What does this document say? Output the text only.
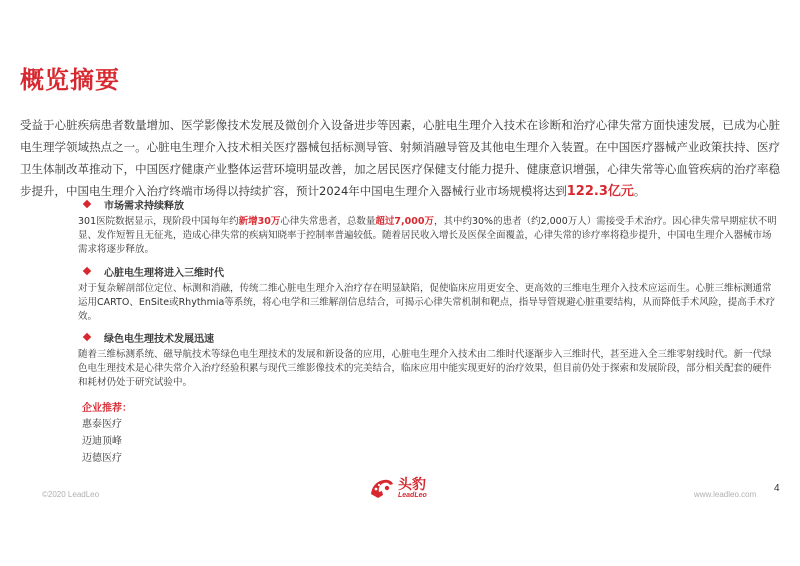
概览摘要
受益于心脏疾病患者数量增加、医学影像技术发展及微创介入设备进步等因素，心脏电生理介入技术在诊断和治疗心律失常方面快速发展，已成为心脏电生理学领域热点之一。心脏电生理介入技术相关医疗器械包括标测导管、射频消融导管及其他电生理介入装置。在中国医疗器械产业政策扶持、医疗卫生体制改革推动下，中国医疗健康产业整体运营环境明显改善，加之居民医疗保健支付能力提升、健康意识增强，心律失常等心血管疾病的治疗率稳步提升，中国电生理介入治疗终端市场得以持续扩容，预计2024年中国电生理介入器械行业市场规模将达到122.3亿元。
市场需求持续释放
301医院数据显示，现阶段中国每年约新增30万心律失常患者，总数量超过7,000万，其中约30%的患者（约2,000万人）需接受手术治疗。因心律失常早期症状不明显、发作短暂且无征兆，造成心律失常的疾病知晓率于控制率普遍较低。随着居民收入增长及医保全面覆盖，心律失常的诊疗率将稳步提升，中国电生理介入器械市场需求将逐步释放。
心脏电生理将进入三维时代
对于复杂解剖部位定位、标测和消融，传统二维心脏电生理介入治疗存在明显缺陷，促使临床应用更安全、更高效的三维电生理介入技术应运而生。心脏三维标测通常运用CARTO、EnSite或Rhythmia等系统，将心电学和三维解剖信息结合，可揭示心律失常机制和靶点，指导导管规避心脏重要结构，从而降低手术风险，提高手术疗效。
绿色电生理技术发展迅速
随着三维标测系统、磁导航技术等绿色电生理技术的发展和新设备的应用，心脏电生理介入技术由二维时代逐渐步入三维时代，甚至进入全三维零射线时代。新一代绿色电生理技术是心律失常介入治疗经验积累与现代三维影像技术的完美结合，临床应用中能实现更好的治疗效果，但目前仍处于探索和发展阶段，部分相关配套的硬件和耗材仍处于研究试验中。
企业推荐：
惠泰医疗
迈迪顶峰
迈德医疗
©2020 LeadLeo
头豹
LeadLeo	www.leadleo.com
4
